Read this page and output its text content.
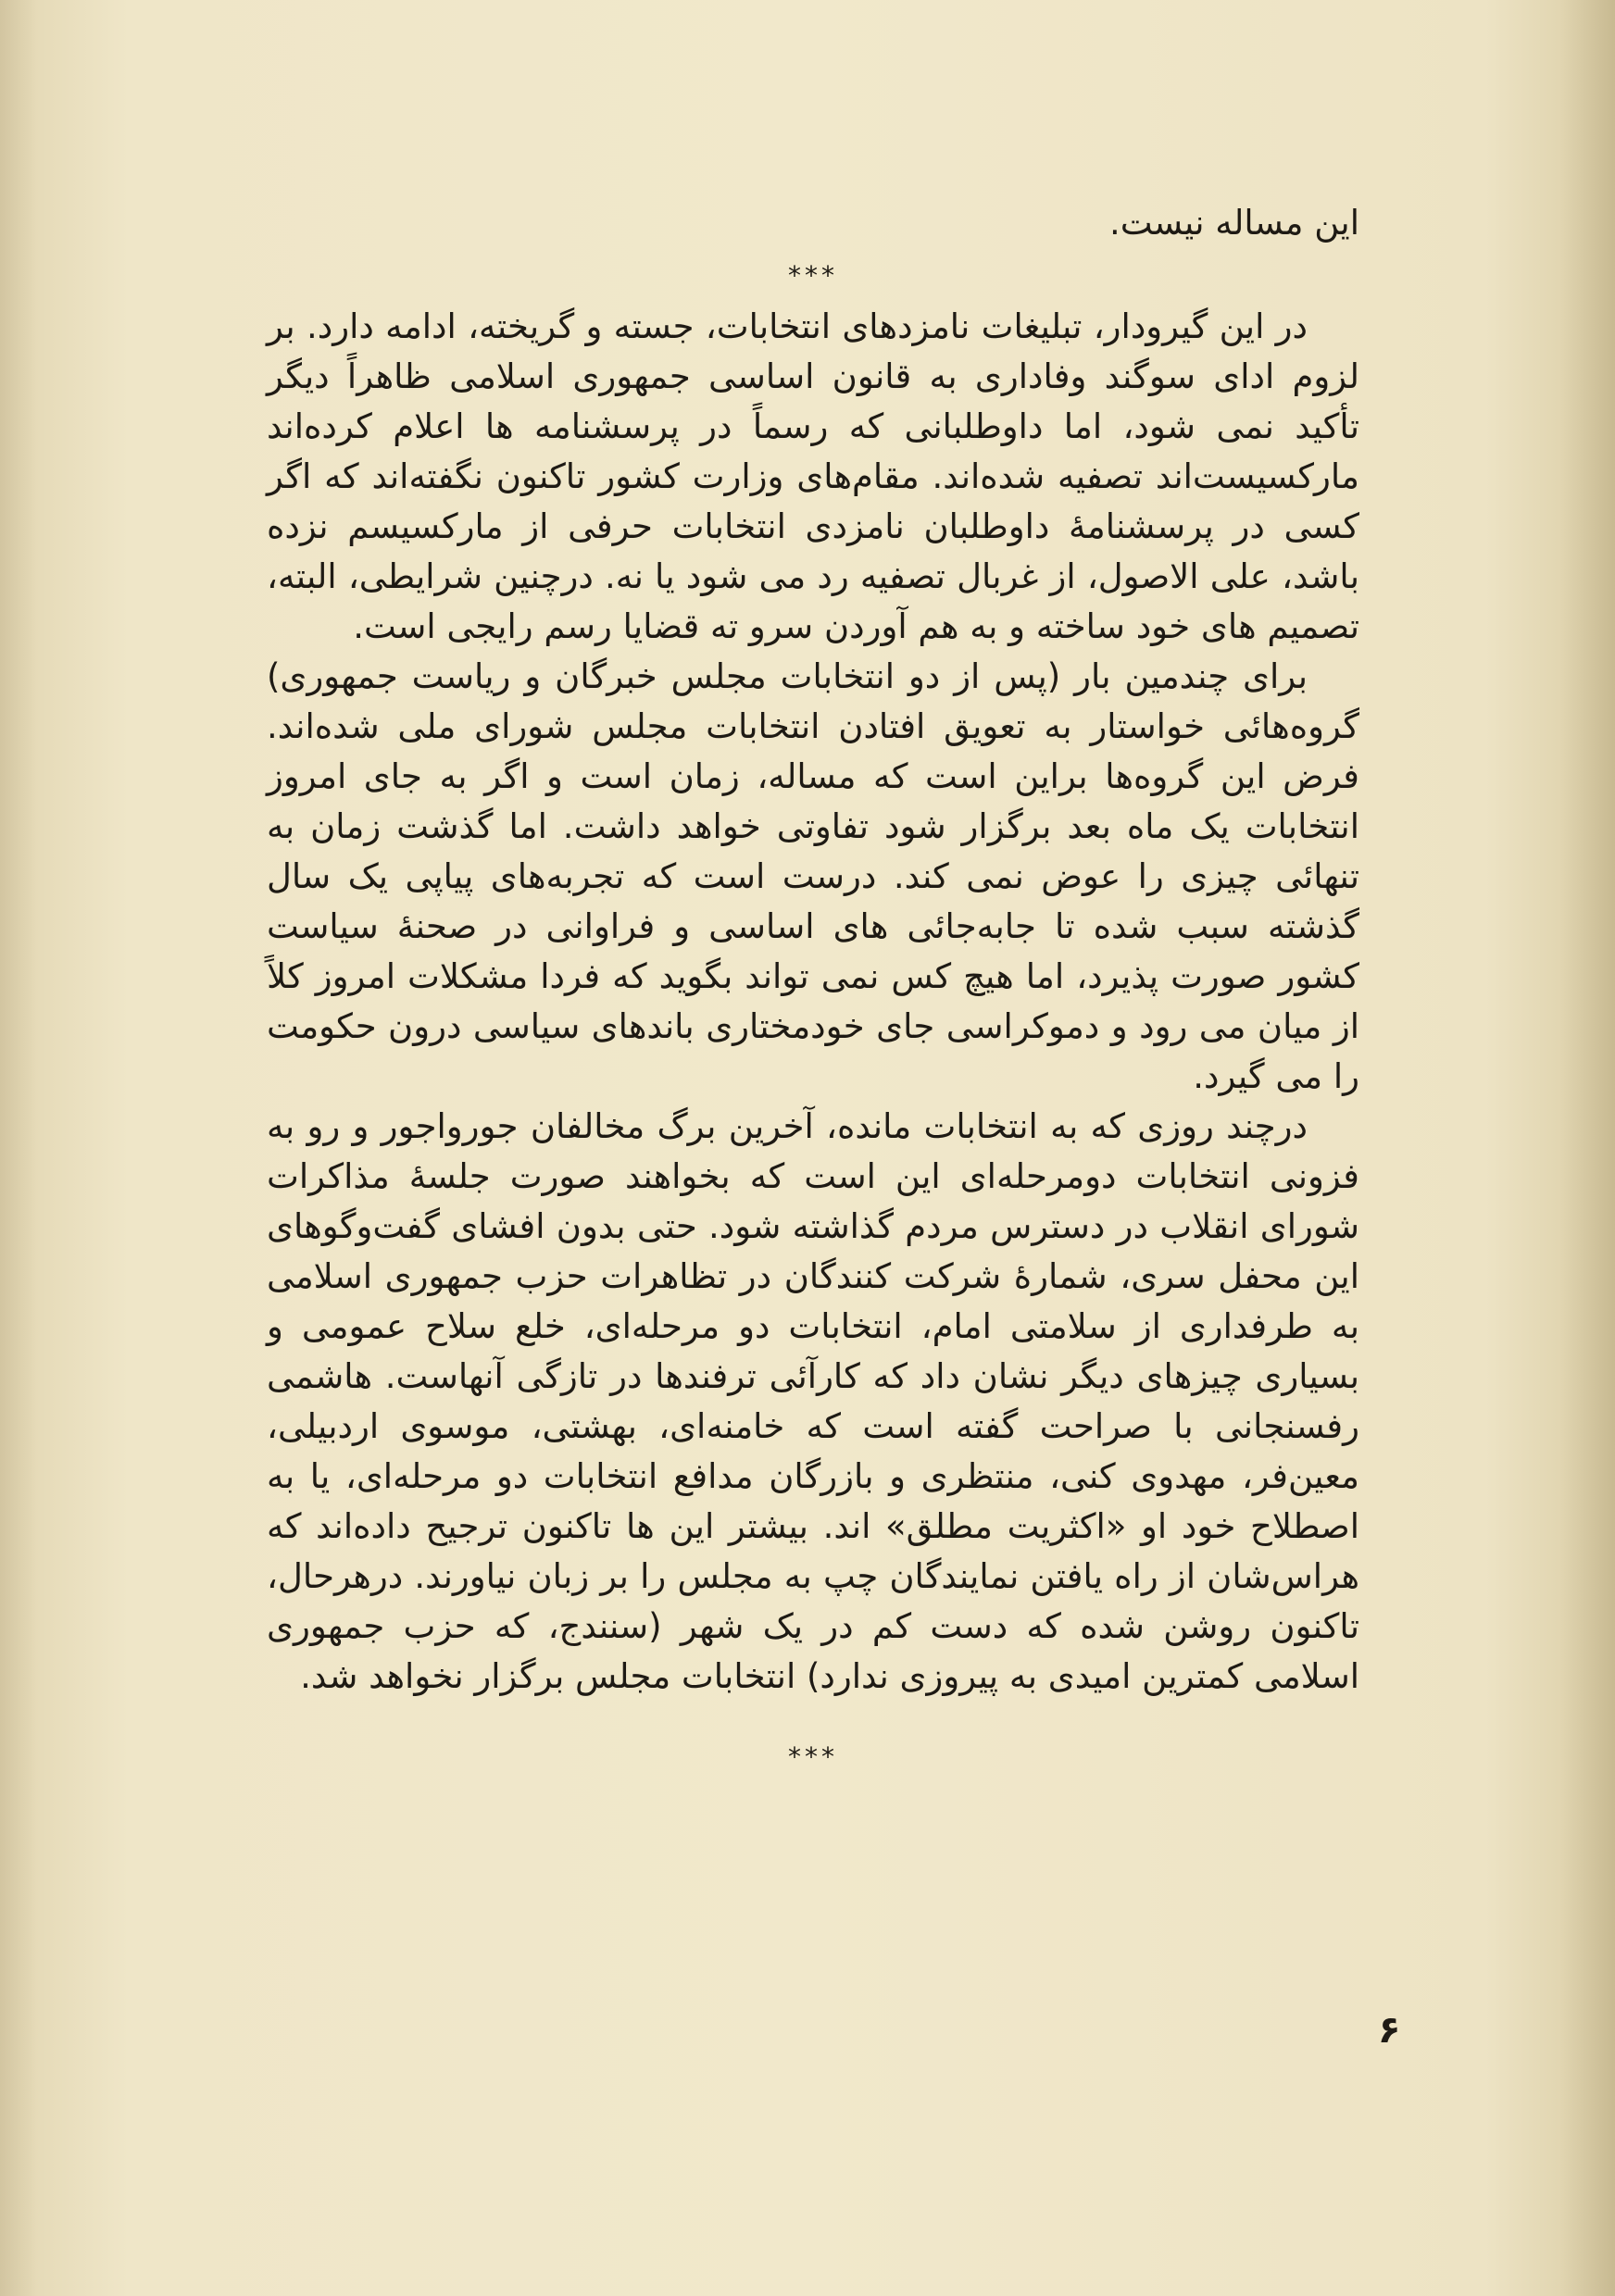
این مساله نیست.

***

در این گیرودار، تبلیغات نامزدهای انتخابات، جسته و گریخته، ادامه دارد. بر لزوم ادای سوگند وفاداری به قانون اساسی جمهوری اسلامی ظاهراً دیگر تأکید نمی شود، اما داوطلبانی که رسماً در پرسشنامه ها اعلام کرده‌اند مارکسیست‌اند تصفیه شده‌اند. مقام‌های وزارت کشور تاکنون نگفته‌اند که اگر کسی در پرسشنامهٔ داوطلبان نامزدی انتخابات حرفی از مارکسیسم نزده باشد، علی الاصول، از غربال تصفیه رد می شود یا نه. درچنین شرایطی، البته، تصمیم های خود ساخته و به هم آوردن سرو ته قضایا رسم رایجی است.

برای چندمین بار (پس از دو انتخابات مجلس خبرگان و ریاست جمهوری) گروه‌هائی خواستار به تعویق افتادن انتخابات مجلس شورای ملی شده‌اند. فرض این گروه‌ها براین است که مساله، زمان است و اگر به جای امروز انتخابات یک ماه بعد برگزار شود تفاوتی خواهد داشت. اما گذشت زمان به تنهائی چیزی را عوض نمی کند. درست است که تجربه‌های پیاپی یک سال گذشته سبب شده تا جابه‌جائی های اساسی و فراوانی در صحنهٔ سیاست کشور صورت پذیرد، اما هیچ کس نمی تواند بگوید که فردا مشکلات امروز کلاً از میان می رود و دموکراسی جای خودمختاری باندهای سیاسی درون حکومت را می گیرد.

درچند روزی که به انتخابات مانده، آخرین برگ مخالفان جورواجور و رو به فزونی انتخابات دومرحله‌ای این است که بخواهند صورت جلسهٔ مذاکرات شورای انقلاب در دسترس مردم گذاشته شود. حتی بدون افشای گفت‌وگوهای این محفل سری، شمارهٔ شرکت کنندگان در تظاهرات حزب جمهوری اسلامی به طرفداری از سلامتی امام، انتخابات دو مرحله‌ای، خلع سلاح عمومی و بسیاری چیزهای دیگر نشان داد که کارآئی ترفندها در تازگی آنهاست. هاشمی رفسنجانی با صراحت گفته است که خامنه‌ای، بهشتی، موسوی اردبیلی، معین‌فر، مهدوی کنی، منتظری و بازرگان مدافع انتخابات دو مرحله‌ای، یا به اصطلاح خود او «اکثریت مطلق» اند. بیشتر این ها تاکنون ترجیح داده‌اند که هراس‌شان از راه یافتن نمایندگان چپ به مجلس را بر زبان نیاورند. درهرحال، تاکنون روشن شده که دست کم در یک شهر (سنندج، که حزب جمهوری اسلامی کمترین امیدی به پیروزی ندارد) انتخابات مجلس برگزار نخواهد شد.

***
۶
